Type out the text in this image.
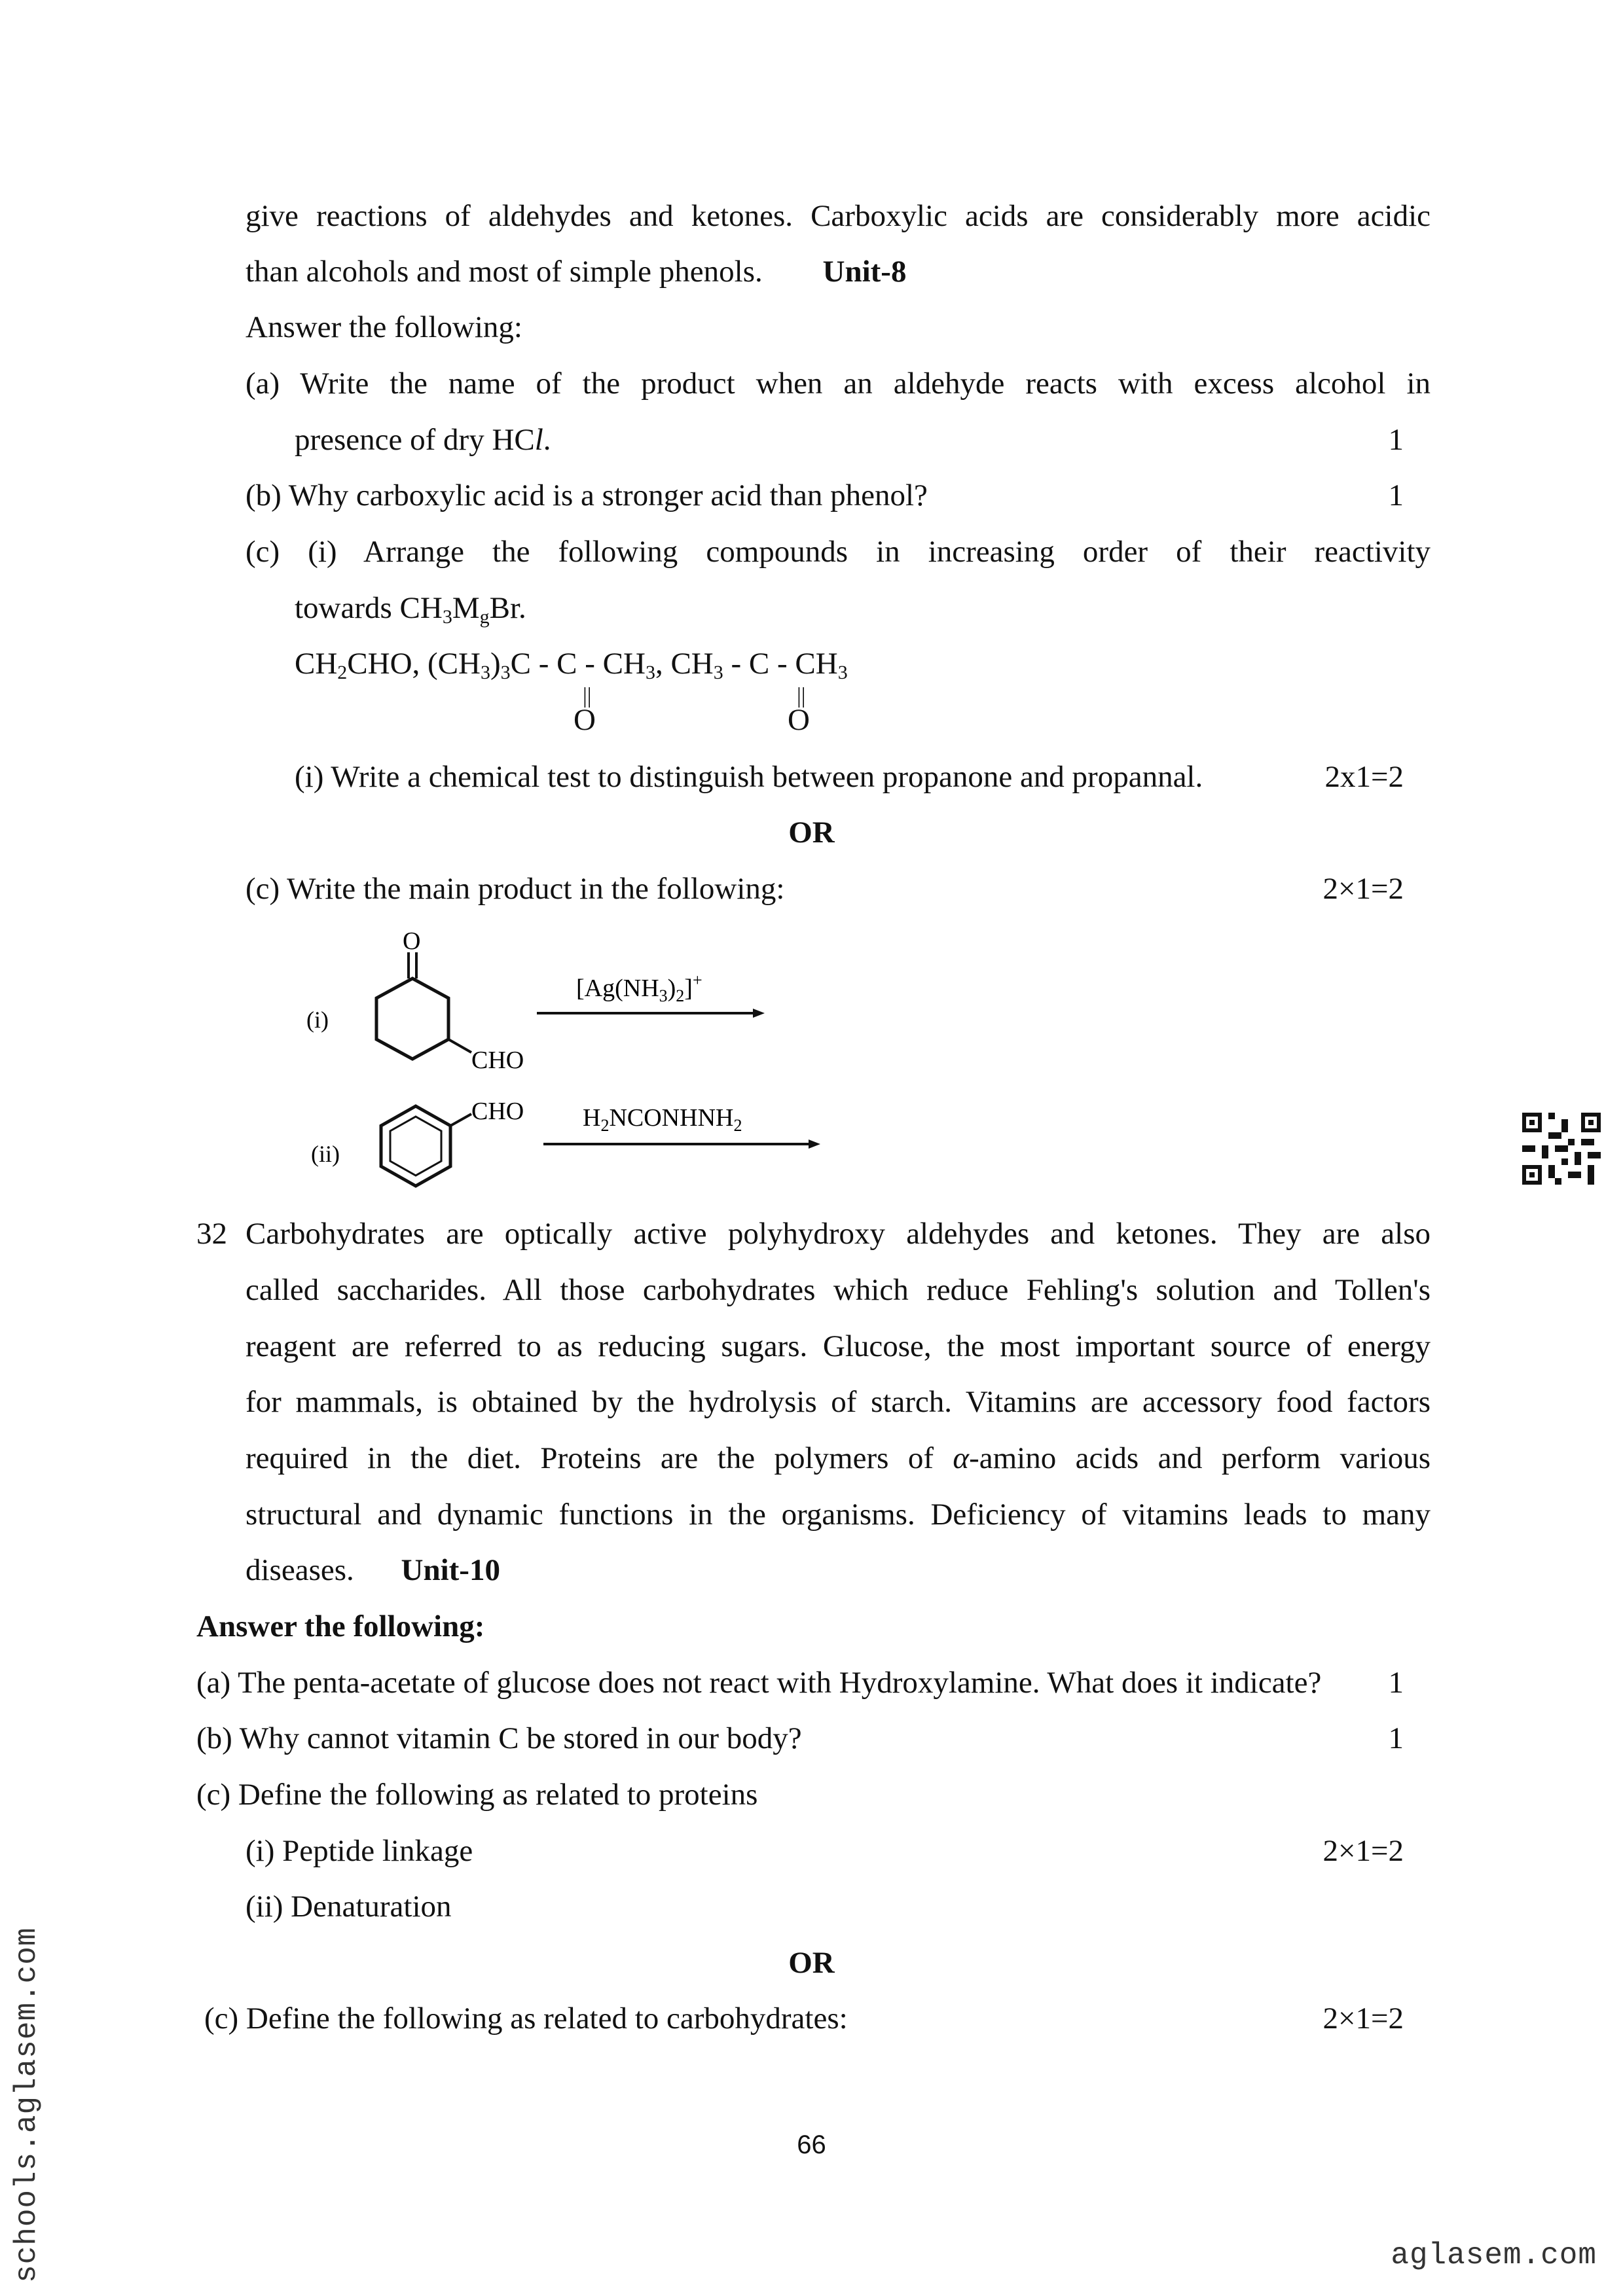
give reactions of aldehydes and ketones. Carboxylic acids are considerably more acidic
than alcohols and most of simple phenols. Unit-8
Answer the following:
(a) Write the name of the product when an aldehyde reacts with excess alcohol in
presence of dry HCl.	1
(b) Why carboxylic acid is a stronger acid than phenol?	1
(c) (i) Arrange the following compounds in increasing order of their reactivity
towards $CH_3M_gBr$.
$CH_2CHO$, $(CH_3)_3C$ - C - $CH_3$, $CH_3$ - C - $CH_3$
||	||
O	O
(i) Write a chemical test to distinguish between propanone and propannal.	2x1=2
OR
(c) Write the main product in the following:	2×1=2
(i)
O
CHO
$[Ag(NH_3)_2]^+$
(ii)
CHO $H_2NCONHNH_2$
32 Carbohydrates are optically active polyhydroxy aldehydes and ketones. They are also
called saccharides. All those carbohydrates which reduce Fehling's solution and Tollen's
reagent are referred to as reducing sugars. Glucose, the most important source of energy
for mammals, is obtained by the hydrolysis of starch. Vitamins are accessory food factors
required in the diet. Proteins are the polymers of α-amino acids and perform various
structural and dynamic functions in the organisms. Deficiency of vitamins leads to many
diseases. Unit-10
Answer the following:
(a) The penta-acetate of glucose does not react with Hydroxylamine. What does it indicate? 1
(b) Why cannot vitamin C be stored in our body?	1
(c) Define the following as related to proteins
(i) Peptide linkage	2×1=2
(ii) Denaturation
OR
(c) Define the following as related to carbohydrates:	2×1=2
66
schools.aglasem.com	aglasem.com
